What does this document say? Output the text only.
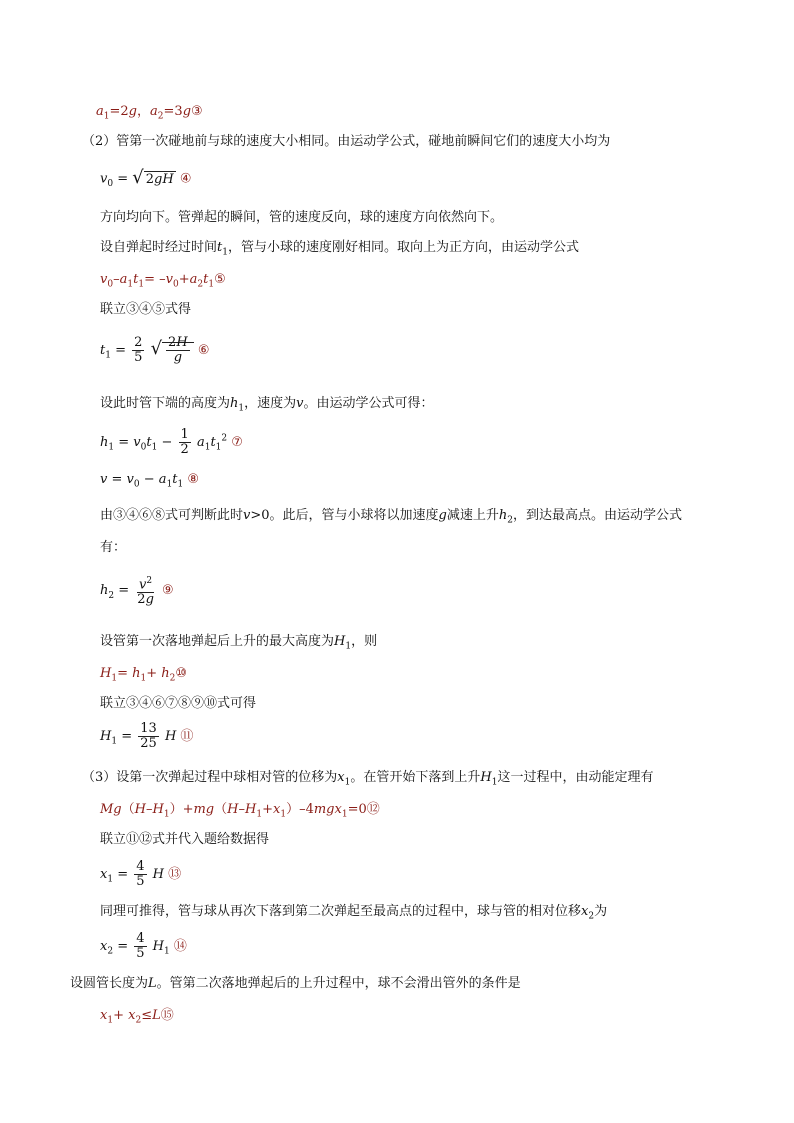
$a_1=2g$，$a_2=3g③$
（2）管第一次碰地前与球的速度大小相同。由运动学公式，碰地前瞬间它们的速度大小均为
$v_0$ = √ 2gH ④
方向均向下。管弹起的瞬间，管的速度反向，球的速度方向依然向下。
设自弹起时经过时间$t_1$，管与小球的速度刚好相同。取向上为正方向，由运动学公式
$v_0-a_1t_1=$ $-v_0+a_2t_1⑤$
联立③④⑤式得
$t_1 = \frac{2}{5}$ √ $\frac{2H}{g}$ ⑥
设此时管下端的高度为$h_1$，速度为v。由运动学公式可得：
$h_1 = v_0t_1 - \frac{1}{2} a_1t_1^2$ ⑦
$v = v_0 - a_1t_1$ ⑧
由③④⑥⑧式可判断此时v>0。此后，管与小球将以加速度g减速上升$h_2$，到达最高点。由运动学公式
有：
$h_2 = \frac{v^2}{2g}$ ⑨
设管第一次落地弹起后上升的最大高度为$H_1$，则
$H_1= h_1+$ $h_2⑩$
联立③④⑥⑦⑧⑨⑩式可得
$H_1 = \frac{13}{25}$ H ⑪
（3）设第一次弹起过程中球相对管的位移为$x_1$。在管开始下落到上升$H_1$这一过程中，由动能定理有
$Mg(H-H_1)+mg(H-H_1+x_1)-4mgx_1=0⑫$
联立⑪⑫式并代入题给数据得
$x_1 = \frac{4}{5}$ H ⑬
同理可推得，管与球从再次下落到第二次弹起至最高点的过程中，球与管的相对位移$x_2$为
$x_2 = \frac{4}{5} H_1$ ⑭
设圆管长度为L。管第二次落地弹起后的上升过程中，球不会滑出管外的条件是
$x_1+$ $x_2\le L⑮$
